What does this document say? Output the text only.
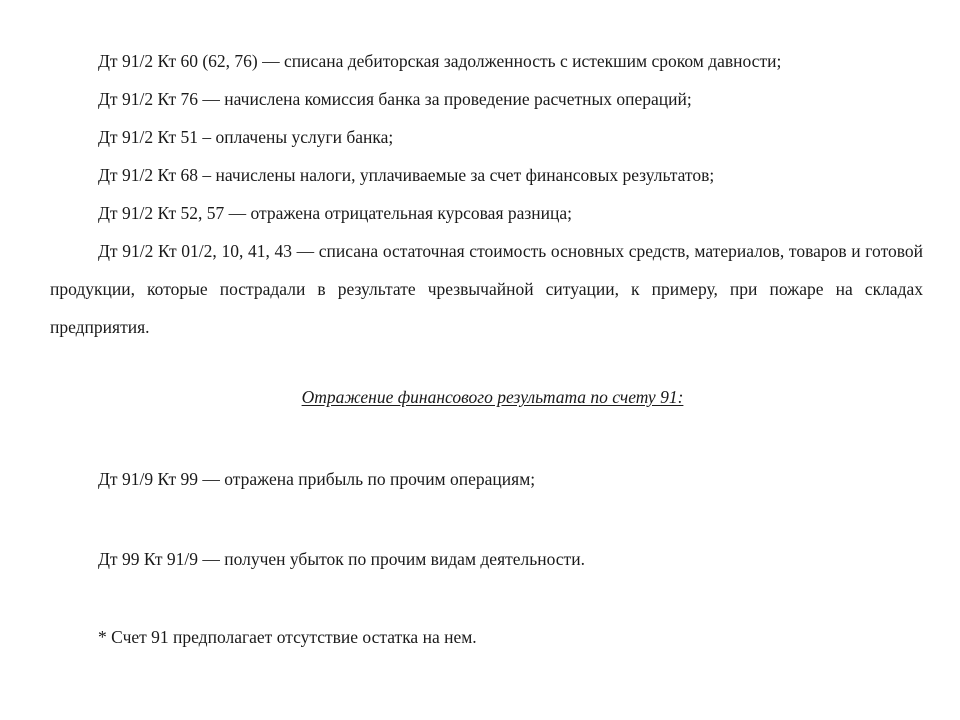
Дт 91/2 Кт 60 (62, 76) — списана дебиторская задолженность с истекшим сроком давности;

Дт 91/2 Кт 76 — начислена комиссия банка за проведение расчетных операций;

Дт 91/2 Кт 51 – оплачены услуги банка;

Дт 91/2 Кт 68 – начислены налоги, уплачиваемые за счет финансовых результатов;

Дт 91/2 Кт 52, 57 — отражена отрицательная курсовая разница;

Дт 91/2 Кт 01/2, 10, 41, 43 — списана остаточная стоимость основных средств, материалов, товаров и готовой продукции, которые пострадали в результате чрезвычайной ситуации, к примеру, при пожаре на складах предприятия.

Отражение финансового результата по счету 91:

Дт 91/9 Кт 99 — отражена прибыль по прочим операциям;

Дт 99 Кт 91/9 — получен убыток по прочим видам деятельности.

* Счет 91 предполагает отсутствие остатка на нем.
